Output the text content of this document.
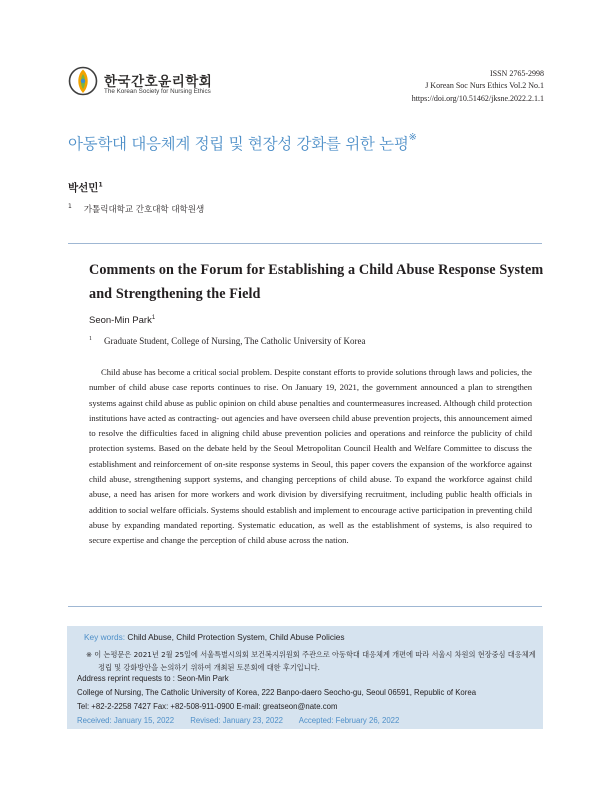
한국간호윤리학회
The Korean Society for Nursing Ethics
ISSN 2765-2998
J Korean Soc Nurs Ethics Vol.2 No.1
https://doi.org/10.51462/jksne.2022.2.1.1
아동학대 대응체계 정립 및 현장성 강화를 위한 논평※
박선민$^1$
$^1$ 가톨릭대학교 간호대학 대학원생
Comments on the Forum for Establishing a Child Abuse Response System and Strengthening the Field
Seon-Min Park$^1$
$^1$ Graduate Student, College of Nursing, The Catholic University of Korea

Child abuse has become a critical social problem. Despite constant efforts to provide solutions through laws and policies, the number of child abuse case reports continues to rise. On January 19, 2021, the government announced a plan to strengthen systems against child abuse as public opinion on child abuse penalties and countermeasures increased. Although child protection institutions have acted as contracting- out agencies and have overseen child abuse prevention projects, this announcement aimed to resolve the difficulties faced in aligning child abuse prevention policies and operations and reinforce the publicity of child protection systems. Based on the debate held by the Seoul Metropolitan Council Health and Welfare Committee to discuss the establishment and reinforcement of on-site response systems in Seoul, this paper covers the expansion of the workforce against child abuse, strengthening support systems, and changing perceptions of child abuse. To expand the workforce against child abuse, a need has arisen for more workers and work division by diversifying recruitment, including public health officials in addition to social welfare officials. Systems should establish and implement to encourage active participation in preventing child abuse by expanding mandated reporting. Systematic education, as well as the establishment of systems, is also required to secure expertise and change the perception of child abuse across the nation.

Key words: Child Abuse, Child Protection System, Child Abuse Policies
※ 이 논평문은 2021년 2월 25일에 서울특별시의회 보건복지위원회 주관으로 아동학대 대응체계 개편에 따라 서울시 차원의 현장중심 대응체계 정립 및 강화방안을 논의하기 위하여 개최된 토론회에 대한 후기입니다.
Address reprint requests to : Seon-Min Park
College of Nursing, The Catholic University of Korea, 222 Banpo-daero Seocho-gu, Seoul 06591, Republic of Korea
Tel: +82-2-2258 7427 Fax: +82-508-911-0900 E-mail: greatseon@nate.com
Received: January 15, 2022 Revised: January 23, 2022 Accepted: February 26, 2022
